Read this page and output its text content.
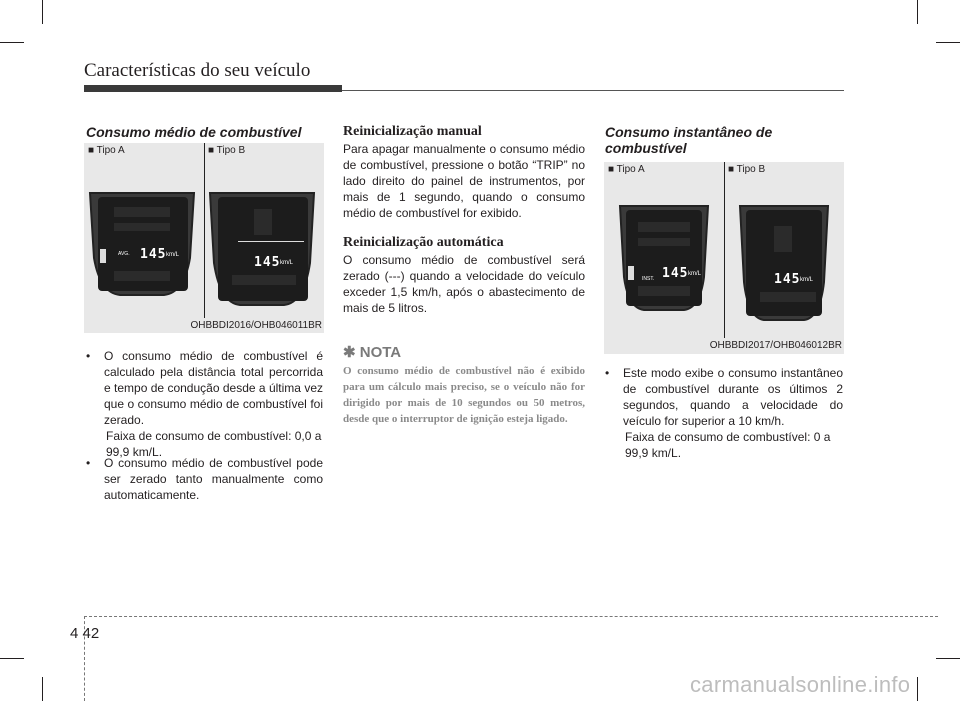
Características do seu veículo
Consumo médio de combustível
■ Tipo A	■ Tipo B
AVG. 145 km/L	145 km/L
OHBBDI2016/OHB046011BR
• O consumo médio de combustível é calculado pela distância total percorrida e tempo de condução desde a última vez que o consumo médio de combustível foi zerado.
Faixa de consumo de combustível: 0,0 a 99,9 km/L.
• O consumo médio de combustível pode ser zerado tanto manualmente como automaticamente.
Reinicialização manual
Para apagar manualmente o consumo médio de combustível, pressione o botão “TRIP” no lado direito do painel de instrumentos, por mais de 1 segundo, quando o consumo médio de combustível for exibido.
Reinicialização automática
O consumo médio de combustível será zerado (---) quando a velocidade do veículo exceder 1,5 km/h, após o abastecimento de mais de 5 litros.
✱ NOTA
O consumo médio de combustível não é exibido para um cálculo mais preciso, se o veículo não for dirigido por mais de 10 segundos ou 50 metros, desde que o interruptor de ignição esteja ligado.
Consumo instantâneo de
combustível
■ Tipo A	■ Tipo B
INST. 145 km/L	145 km/L
OHBBDI2017/OHB046012BR
• Este modo exibe o consumo instantâneo de combustível durante os últimos 2 segundos, quando a velocidade do veículo for superior a 10 km/h.
Faixa de consumo de combustível: 0 a 99,9 km/L.
4 42
carmanualsonline.info
